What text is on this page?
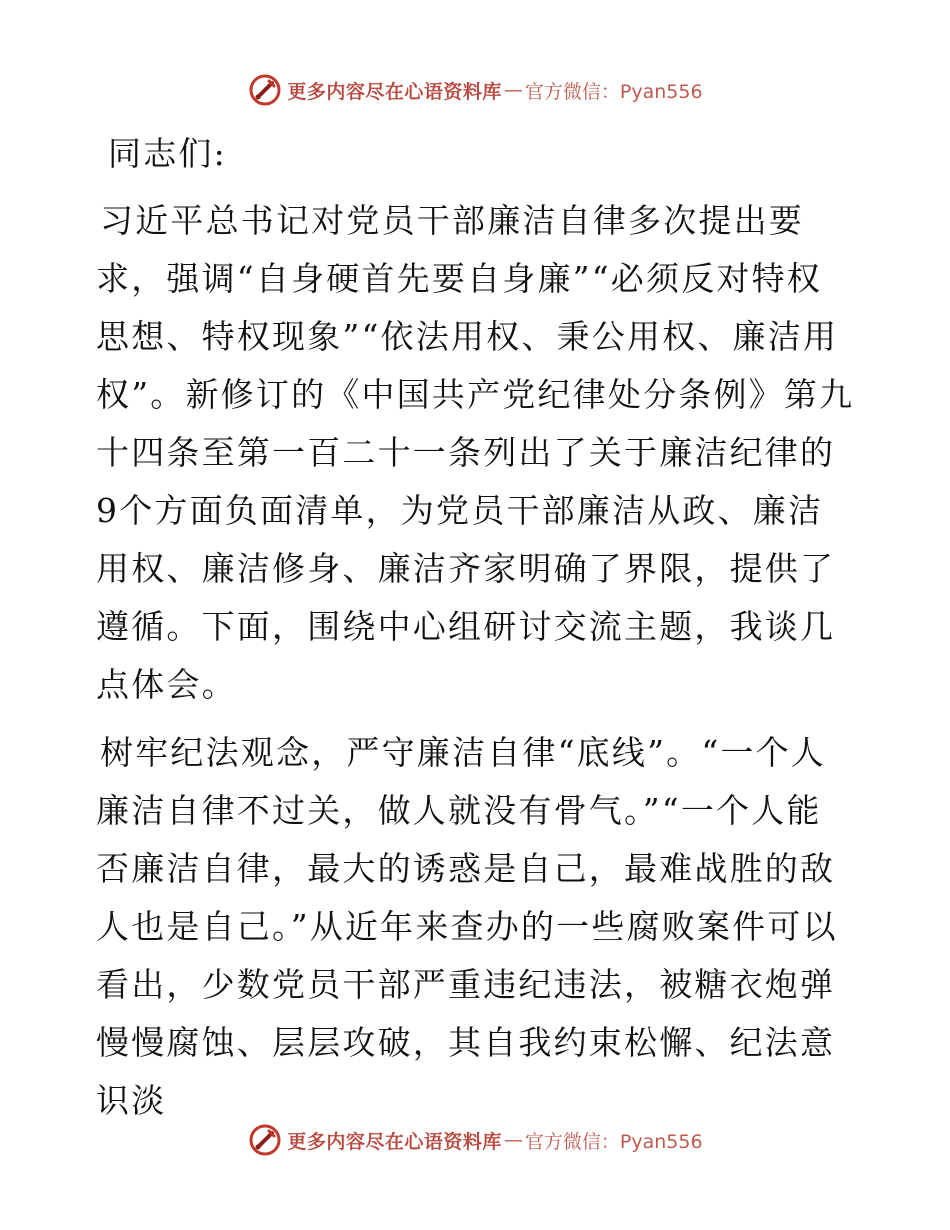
更多内容尽在心语资料库 — 官方微信：Pyan556
同志们:

习近平总书记对党员干部廉洁自律多次提出要求，强调“自身硬首先要自身廉”“必须反对特权思想、特权现象”“依法用权、秉公用权、廉洁用权”。新修订的《中国共产党纪律处分条例》第九十四条至第一百二十一条列出了关于廉洁纪律的9个方面负面清单，为党员干部廉洁从政、廉洁用权、廉洁修身、廉洁齐家明确了界限，提供了遵循。下面，围绕中心组研讨交流主题，我谈几点体会。

树牢纪法观念，严守廉洁自律“底线”。“一个人廉洁自律不过关，做人就没有骨气。”“一个人能否廉洁自律，最大的诱惑是自己，最难战胜的敌人也是自己。”从近年来查办的一些腐败案件可以看出，少数党员干部严重违纪违法，被糖衣炮弹慢慢腐蚀、层层攻破，其自我约束松懈、纪法意识淡

更多内容尽在心语资料库 — 官方微信：Pyan556
